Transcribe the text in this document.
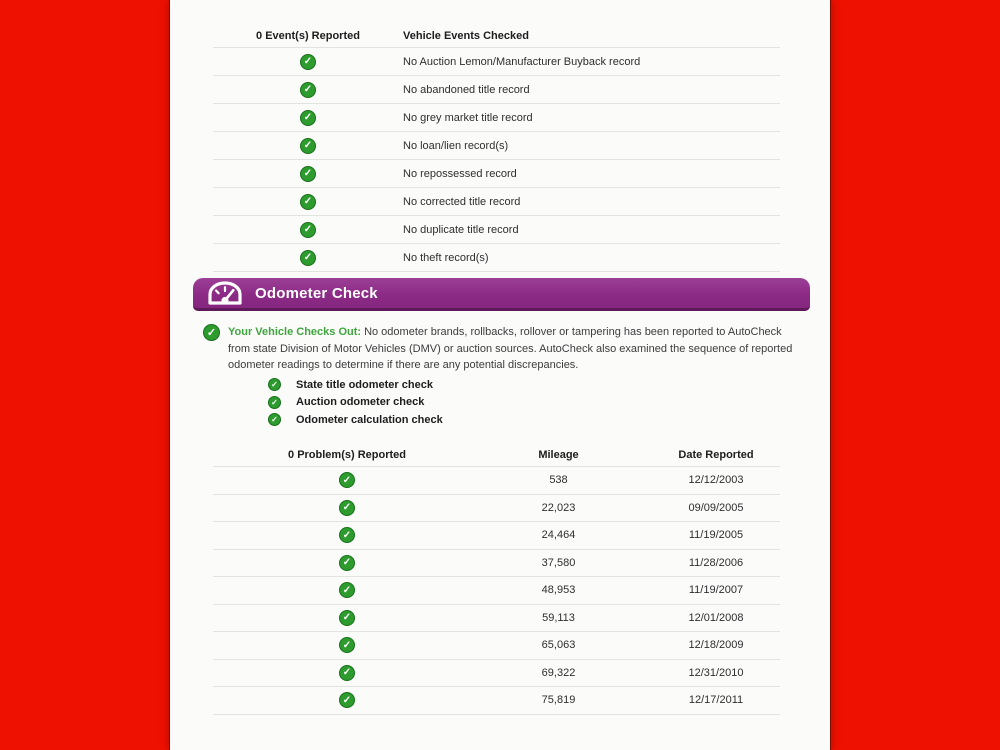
0 Event(s) Reported	Vehicle Events Checked
✓	No Auction Lemon/Manufacturer Buyback record
✓	No abandoned title record
✓	No grey market title record
✓	No loan/lien record(s)
✓	No repossessed record
✓	No corrected title record
✓	No duplicate title record
✓	No theft record(s)
Odometer Check
✓	Your Vehicle Checks Out: No odometer brands, rollbacks, rollover or tampering has been reported to AutoCheck from state Division of Motor Vehicles (DMV) or auction sources. AutoCheck also examined the sequence of reported odometer readings to determine if there are any potential discrepancies.

✓ State title odometer check
✓ Auction odometer check
✓ Odometer calculation check
0 Problem(s) Reported	Mileage	Date Reported
✓	538	12/12/2003
✓	22,023	09/09/2005
✓	24,464	11/19/2005
✓	37,580	11/28/2006
✓	48,953	11/19/2007
✓	59,113	12/01/2008
✓	65,063	12/18/2009
✓	69,322	12/31/2010
✓	75,819	12/17/2011
